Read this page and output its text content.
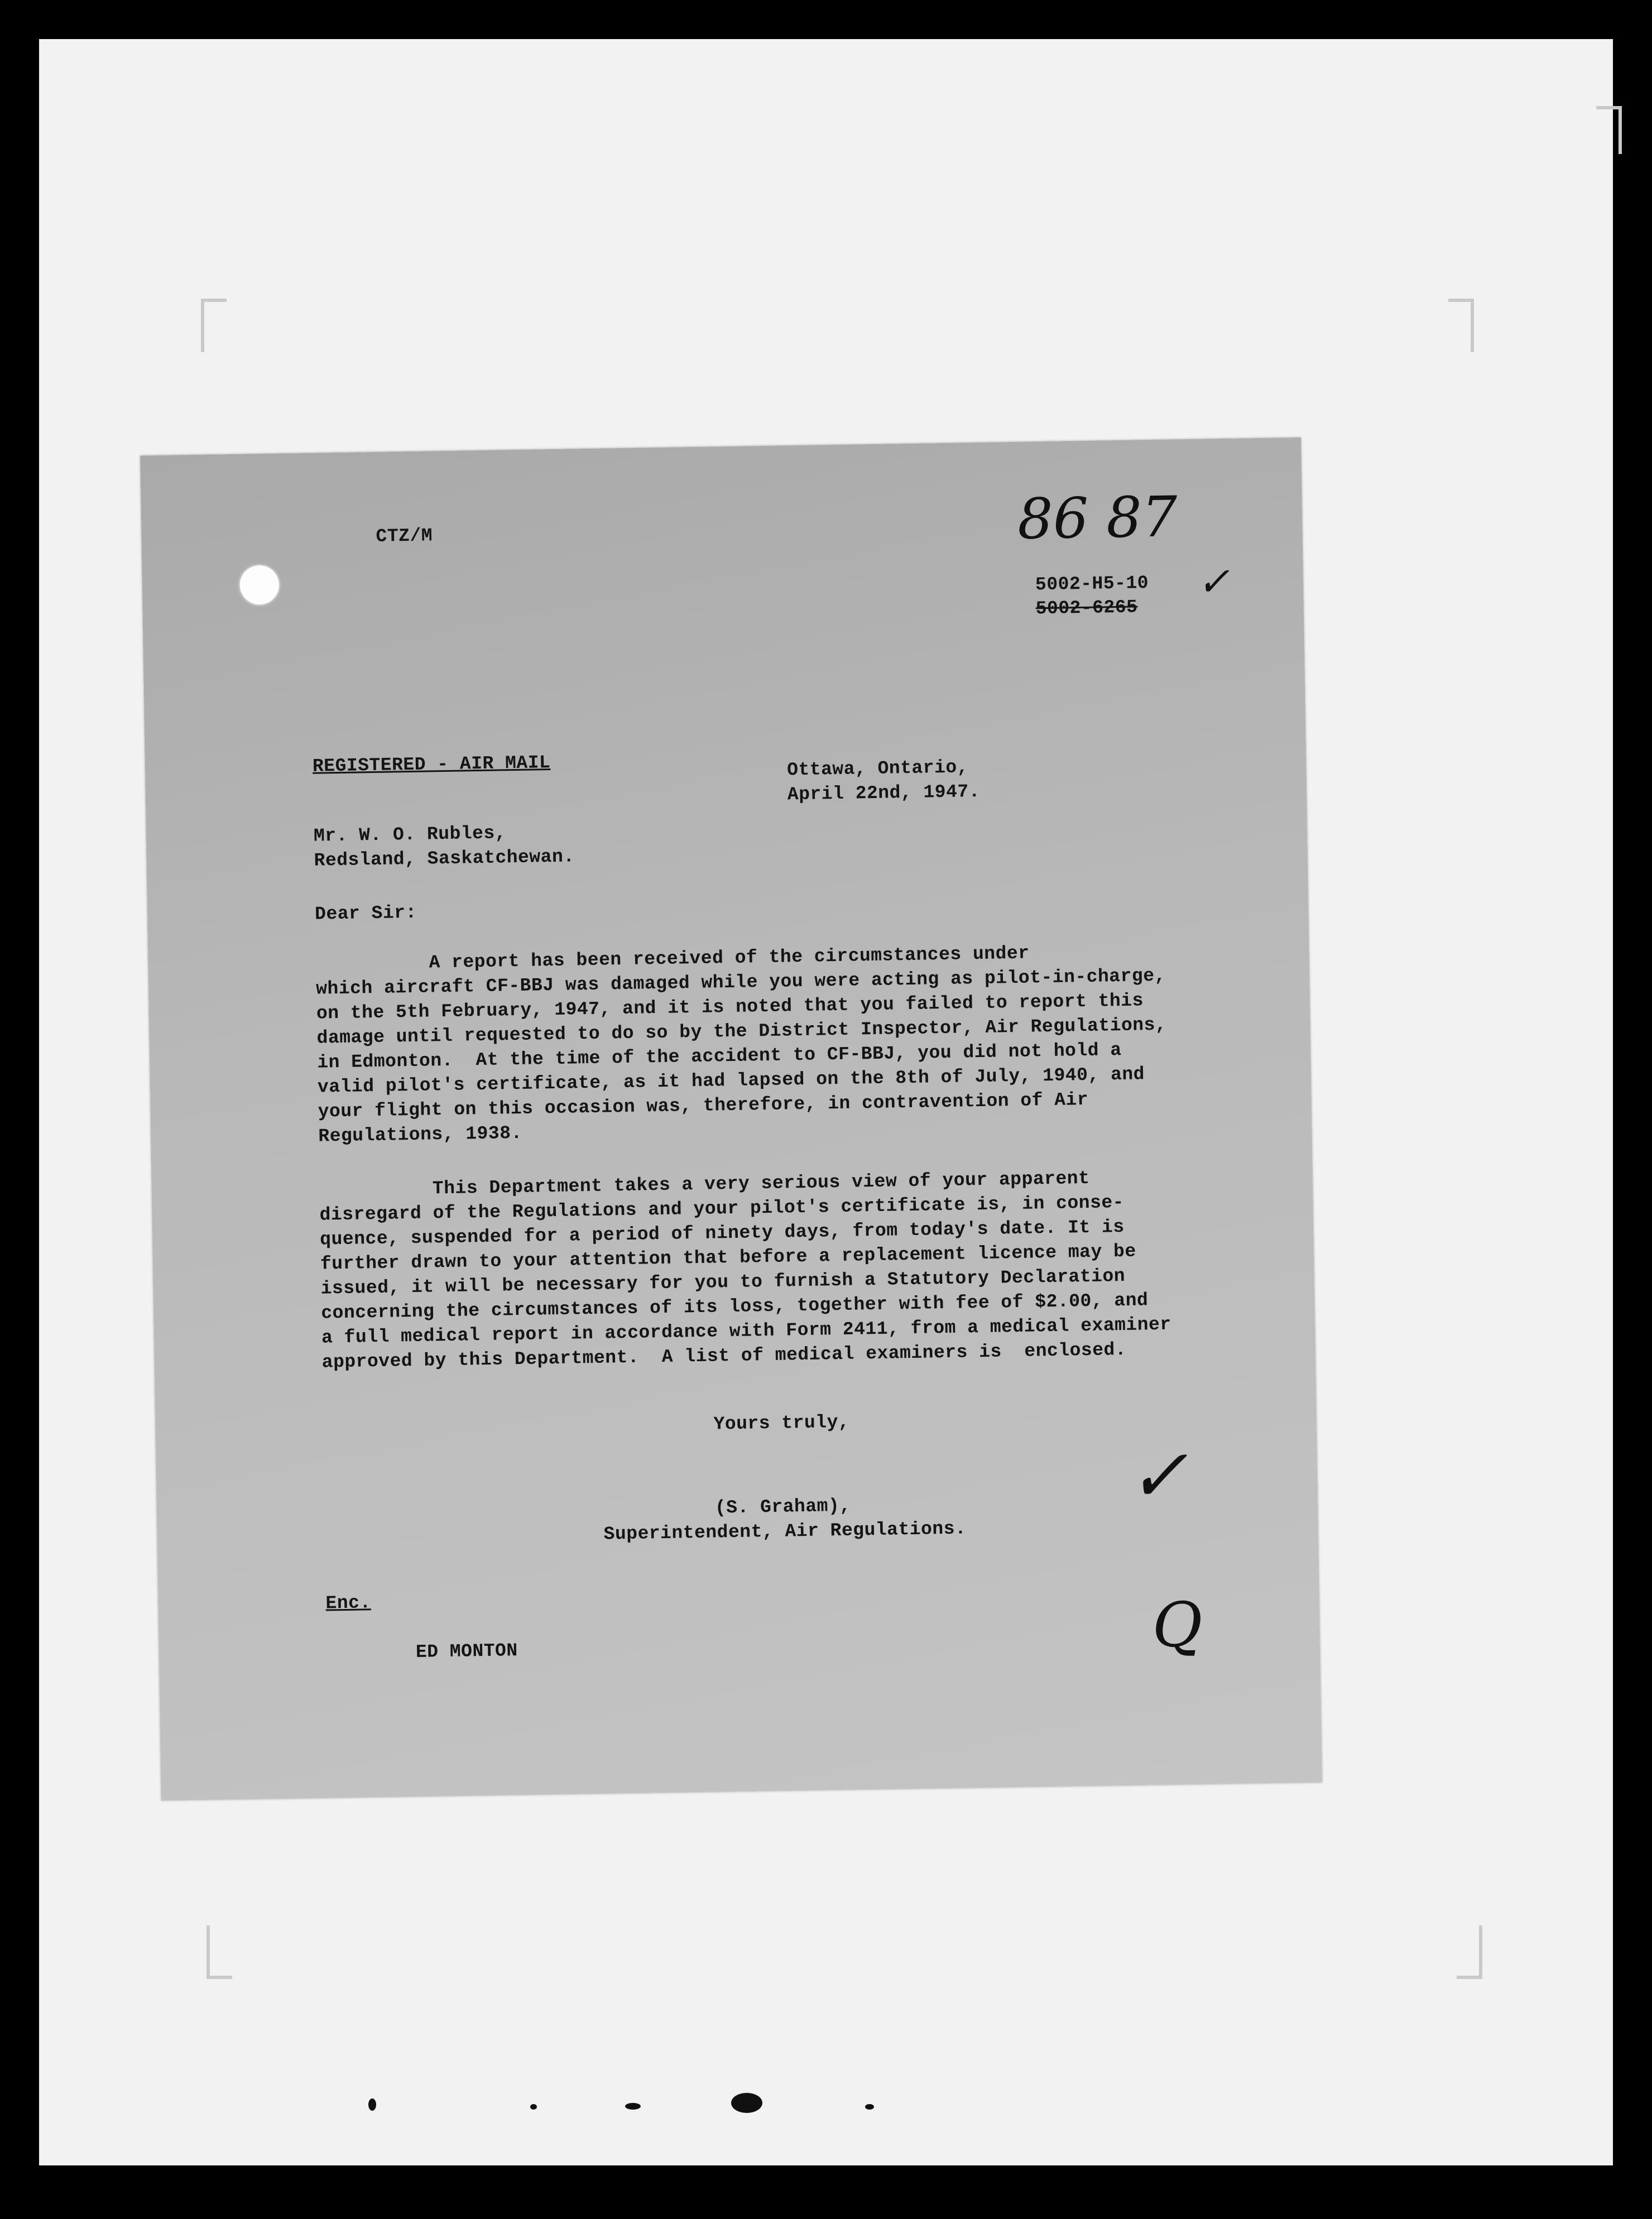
CTZ/M	86 87
5002-H5-10 ✓
5002-6265
REGISTERED - AIR MAIL	Ottawa, Ontario,
April 22nd, 1947.
Mr. W. O. Rubles,
Redsland, Saskatchewan.
Dear Sir:
A report has been received of the circumstances under
which aircraft CF-BBJ was damaged while you were acting as pilot-in-charge,
on the 5th February, 1947, and it is noted that you failed to report this
damage until requested to do so by the District Inspector, Air Regulations,
in Edmonton.  At the time of the accident to CF-BBJ, you did not hold a
valid pilot's certificate, as it had lapsed on the 8th of July, 1940, and
your flight on this occasion was, therefore, in contravention of Air
Regulations, 1938.
This Department takes a very serious view of your apparent
disregard of the Regulations and your pilot's certificate is, in conse-
quence, suspended for a period of ninety days, from today's date. It is
further drawn to your attention that before a replacement licence may be
issued, it will be necessary for you to furnish a Statutory Declaration
concerning the circumstances of its loss, together with fee of $2.00, and
a full medical report in accordance with Form 2411, from a medical examiner
approved by this Department.  A list of medical examiners is  enclosed.
Yours truly,
✓
(S. Graham),
Superintendent, Air Regulations.
Enc.
ED MONTON	Q
